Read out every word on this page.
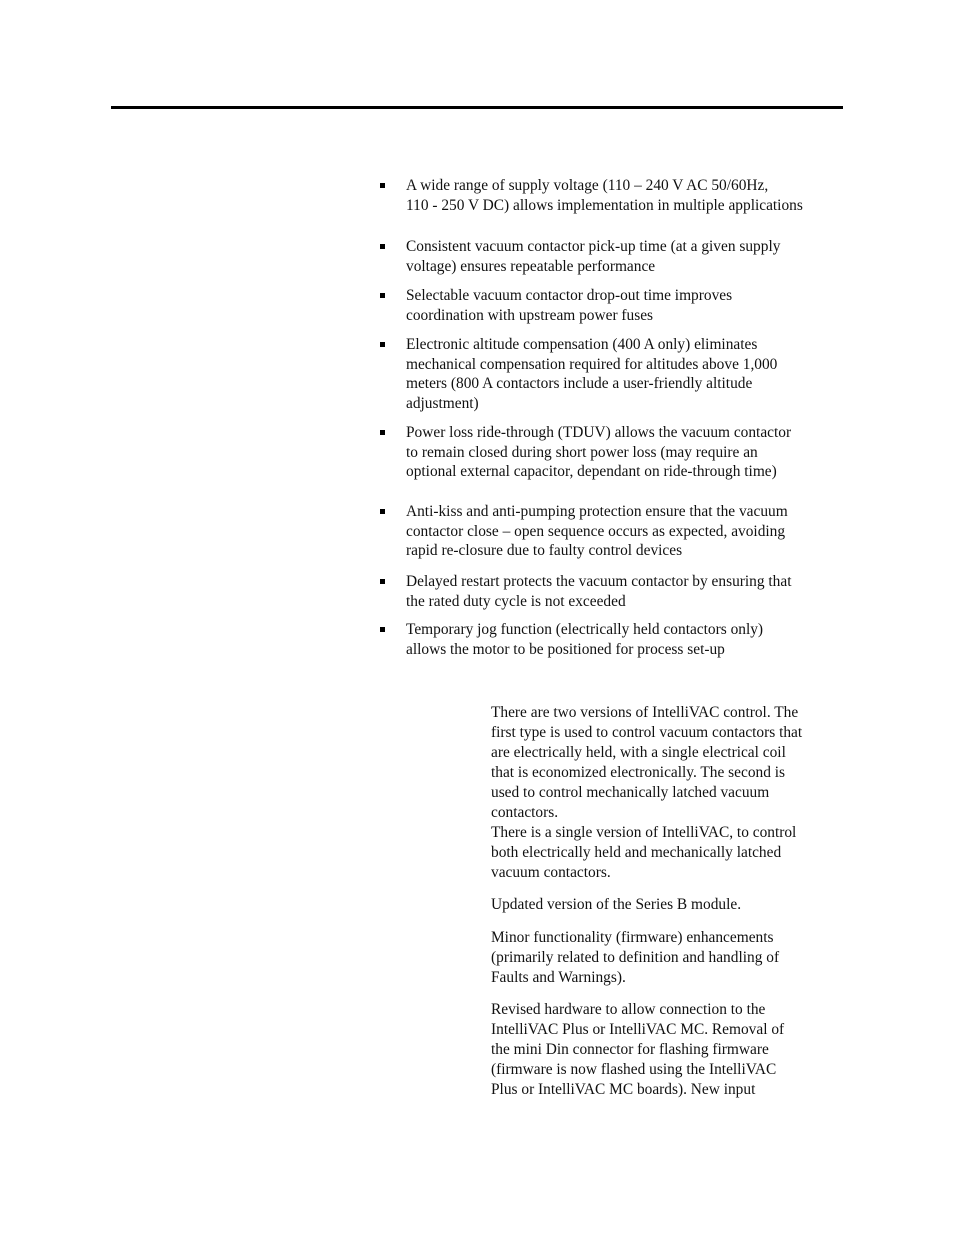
A wide range of supply voltage (110 – 240 V AC 50/60Hz,
110 - 250 V DC) allows implementation in multiple applications
Consistent vacuum contactor pick-up time (at a given supply
voltage) ensures repeatable performance
Selectable vacuum contactor drop-out time improves
coordination with upstream power fuses
Electronic altitude compensation (400 A only) eliminates
mechanical compensation required for altitudes above 1,000
meters (800 A contactors include a user-friendly altitude
adjustment)
Power loss ride-through (TDUV) allows the vacuum contactor
to remain closed during short power loss (may require an
optional external capacitor, dependant on ride-through time)
Anti-kiss and anti-pumping protection ensure that the vacuum
contactor close – open sequence occurs as expected, avoiding
rapid re-closure due to faulty control devices
Delayed restart protects the vacuum contactor by ensuring that
the rated duty cycle is not exceeded
Temporary jog function (electrically held contactors only)
allows the motor to be positioned for process set-up

There are two versions of IntelliVAC control. The
first type is used to control vacuum contactors that
are electrically held, with a single electrical coil
that is economized electronically. The second is
used to control mechanically latched vacuum
contactors.

There is a single version of IntelliVAC, to control
both electrically held and mechanically latched
vacuum contactors.

Updated version of the Series B module.

Minor functionality (firmware) enhancements
(primarily related to definition and handling of
Faults and Warnings).

Revised hardware to allow connection to the
IntelliVAC Plus or IntelliVAC MC. Removal of
the mini Din connector for flashing firmware
(firmware is now flashed using the IntelliVAC
Plus or IntelliVAC MC boards). New input
